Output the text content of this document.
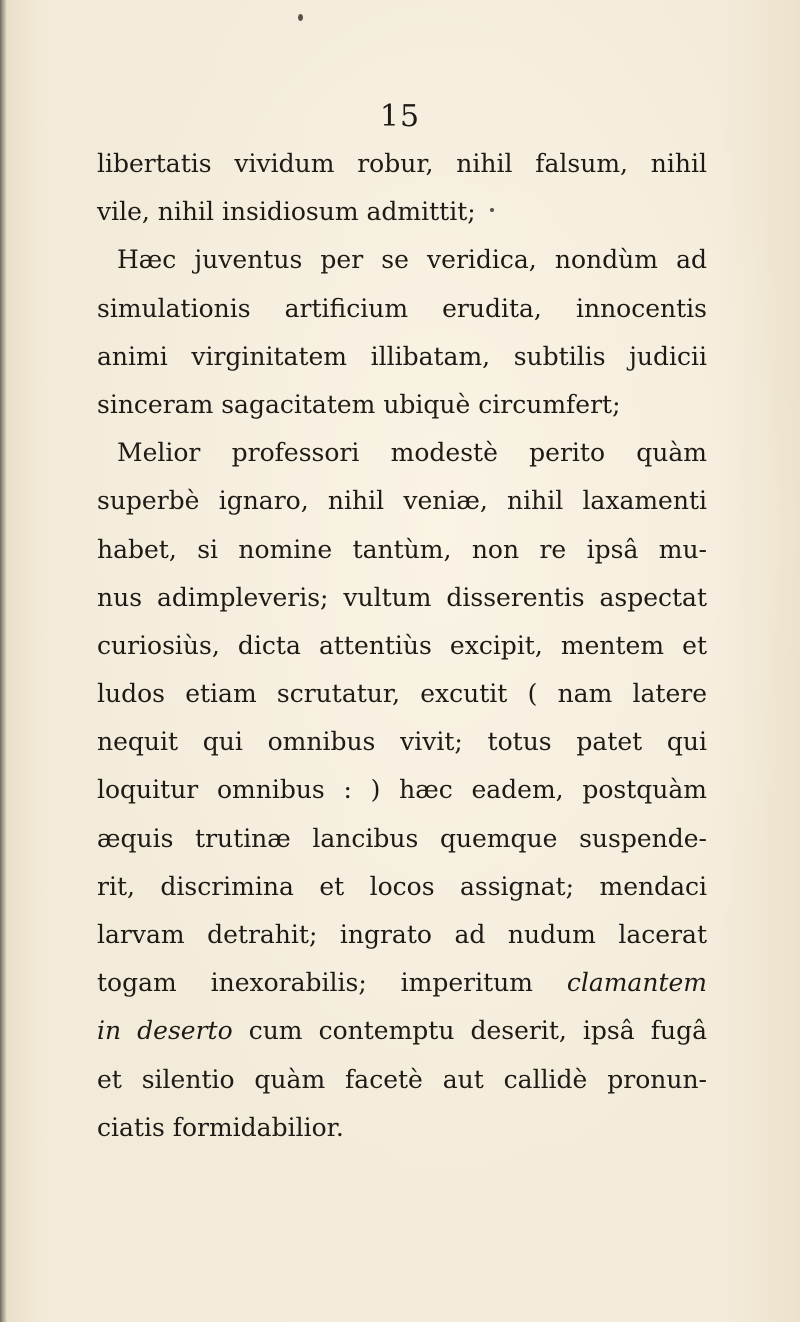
15
libertatis vividum robur, nihil falsum, nihil
vile, nihil insidiosum admittit;
Hæc juventus per se veridica, nondùm ad
simulationis artificium erudita, innocentis
animi virginitatem illibatam, subtilis judicii
sinceram sagacitatem ubiquè circumfert;
Melior professori modestè perito quàm
superbè ignaro, nihil veniæ, nihil laxamenti
habet, si nomine tantùm, non re ipsâ mu-
nus adimpleveris; vultum disserentis aspectat
curiosiùs, dicta attentiùs excipit, mentem et
ludos etiam scrutatur, excutit ( nam latere
nequit qui omnibus vivit; totus patet qui
loquitur omnibus : ) hæc eadem, postquàm
æquis trutinæ lancibus quemque suspende-
rit, discrimina et locos assignat; mendaci
larvam detrahit; ingrato ad nudum lacerat
togam inexorabilis; imperitum clamantem
in deserto cum contemptu deserit, ipsâ fugâ
et silentio quàm facetè aut callidè pronun-
ciatis formidabilior.
